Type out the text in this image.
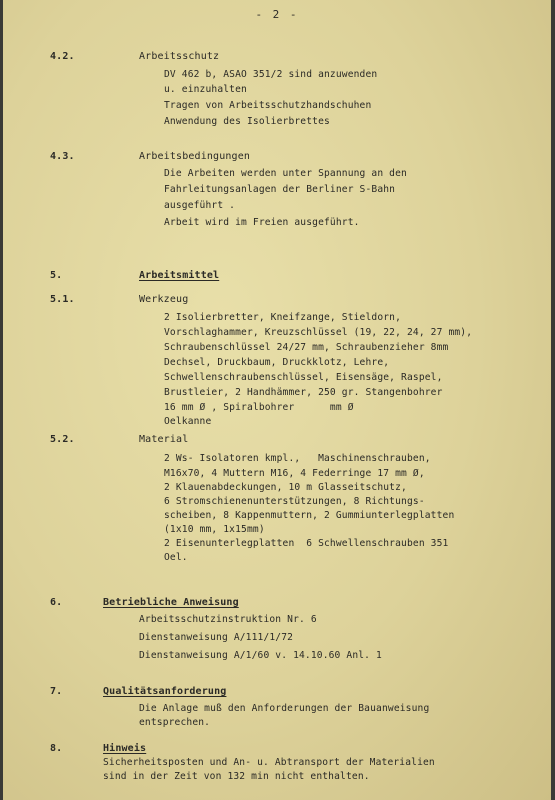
- 2 -
4.2.	Arbeitsschutz
DV 462 b, ASAO 351/2 sind anzuwenden
u. einzuhalten
Tragen von Arbeitsschutzhandschuhen
Anwendung des Isolierbrettes
4.3.	Arbeitsbedingungen
Die Arbeiten werden unter Spannung an den
Fahrleitungsanlagen der Berliner S-Bahn
ausgeführt .
Arbeit wird im Freien ausgeführt.
5.	Arbeitsmittel
5.1.	Werkzeug
2 Isolierbretter, Kneifzange, Stieldorn,
Vorschlaghammer, Kreuzschlüssel (19, 22, 24, 27 mm),
Schraubenschlüssel 24/27 mm, Schraubenzieher 8mm
Dechsel, Druckbaum, Druckklotz, Lehre,
Schwellenschraubenschlüssel, Eisensäge, Raspel,
Brustleier, 2 Handhämmer, 250 gr. Stangenbohrer
16 mm Ø , Spiralbohrer      mm Ø
Oelkanne
5.2.	Material
2 Ws- Isolatoren kmpl.,   Maschinenschrauben,
M16x70, 4 Muttern M16, 4 Federringe 17 mm Ø,
2 Klauenabdeckungen, 10 m Glasseitschutz,
6 Stromschienenunterstützungen, 8 Richtungs-
scheiben, 8 Kappenmuttern, 2 Gummiunterlegplatten
(1x10 mm, 1x15mm)
2 Eisenunterlegplatten  6 Schwellenschrauben 351
Oel.
6.	Betriebliche Anweisung
Arbeitsschutzinstruktion Nr. 6
Dienstanweisung A/111/1/72
Dienstanweisung A/1/60 v. 14.10.60 Anl. 1
7.	Qualitätsanforderung
Die Anlage muß den Anforderungen der Bauanweisung
entsprechen.
8.	Hinweis
Sicherheitsposten und An- u. Abtransport der Materialien
sind in der Zeit von 132 min nicht enthalten.
